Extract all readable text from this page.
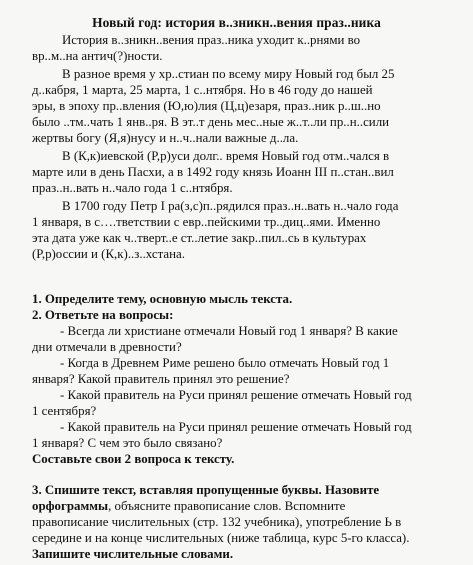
Новый год: история в..зникн..вения праз..ника
История в..зникн..вения праз..ника уходит к..рнями во
вр..м..на антич(?)ности.
В разное время у хр..стиан по всему миру Новый год был 25
д..кабря, 1 марта, 25 марта, 1 с..нтября. Но в 46 году до нашей
эры, в эпоху пр..вления (Ю,ю)лия (Ц,ц)езаря, праз..ник р..ш..но
было ..тм..чать 1 янв..ря. В эт..т день мес..ные ж..т..ли пр..н..сили
жертвы богу (Я,я)нусу и н..ч..нали важные д..ла.
В (К,к)иевской (Р,р)уси долг.. время Новый год отм..чался в
марте или в день Пасхи, а в 1492 году князь Иоанн III п..стан..вил
праз..н..вать н..чало года 1 с..нтября.
В 1700 году Петр I ра(з,с)п..рядился праз..н..вать н..чало года
1 января, в с….тветствии с евр..пейскими тр..диц..ями. Именно
эта дата уже как ч..тверт..е ст..летие закр..пил..сь в культурах
(Р,р)оссии и (К,к)..з..хстана.
1. Определите тему, основную мысль текста.
2. Ответьте на вопросы:
- Всегда ли христиане отмечали Новый год 1 января? В какие
дни отмечали в древности?
- Когда в Древнем Риме решено было отмечать Новый год 1
января? Какой правитель принял это решение?
- Какой правитель на Руси принял решение отмечать Новый год
1 сентября?
- Какой правитель на Руси принял решение отмечать Новый год
1 января? С чем это было связано?
Составьте свои 2 вопроса к тексту.
3. Спишите текст, вставляя пропущенные буквы. Назовите
орфограммы, объясните правописание слов. Вспомните
правописание числительных (стр. 132 учебника), употребление Ь в
середине и на конце числительных (ниже таблица, курс 5-го класса).
Запишите числительные словами.
